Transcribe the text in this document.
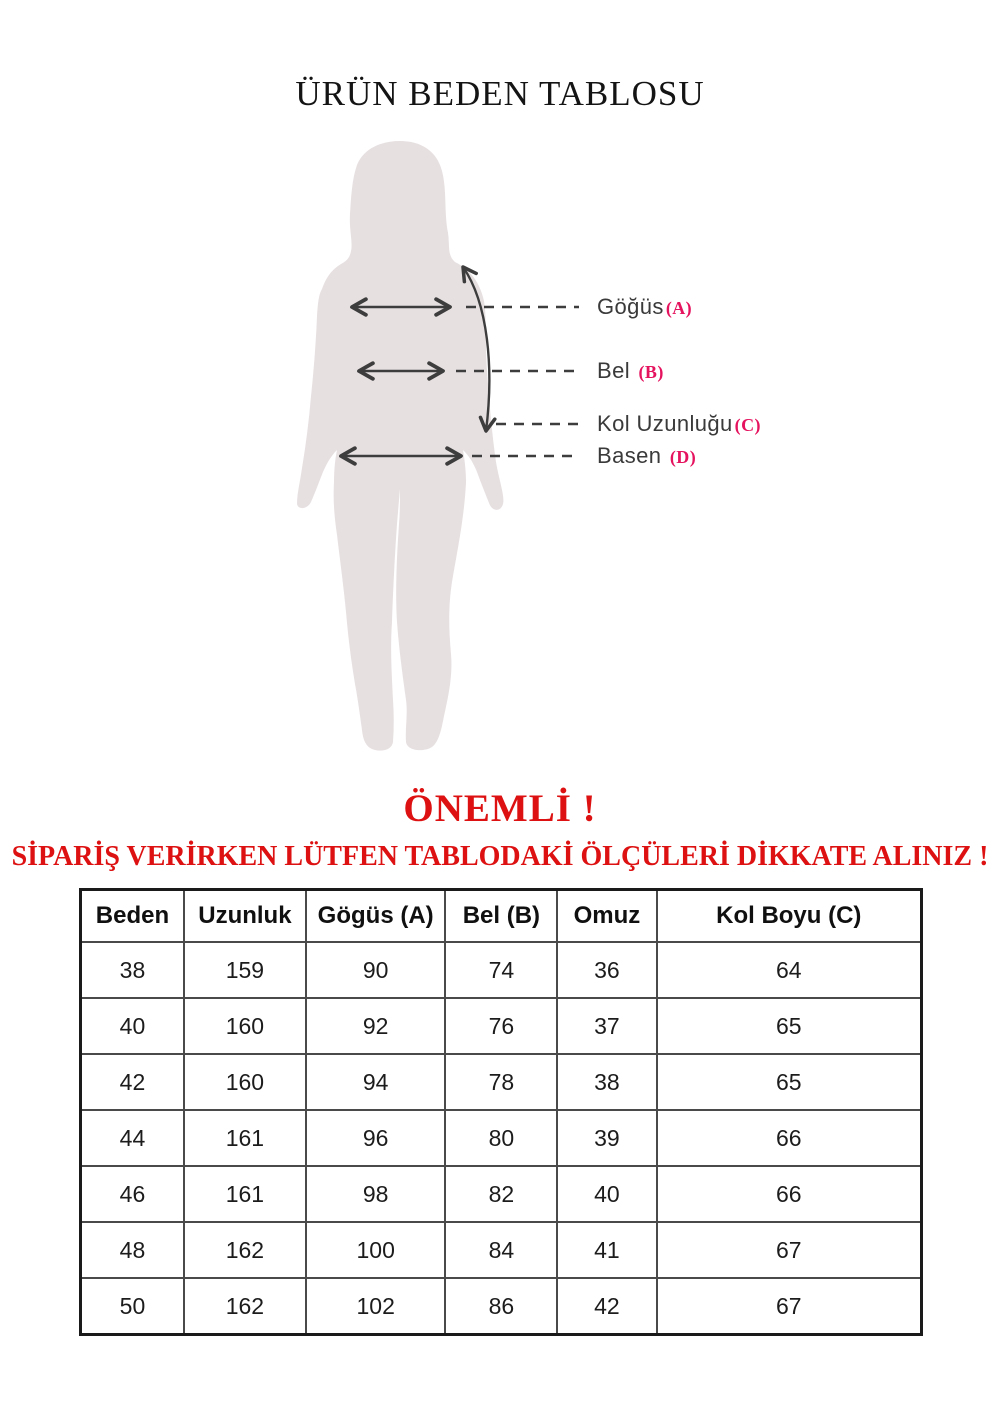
ÜRÜN BEDEN TABLOSU
Göğüs (A)
Bel (B)
Kol Uzunluğu (C)
Basen (D)

ÖNEMLİ !

SİPARİŞ VERİRKEN LÜTFEN TABLODAKİ ÖLÇÜLERİ DİKKATE ALINIZ !

Beden	Uzunluk	Gögüs (A)	Bel (B)	Omuz	Kol Boyu (C)
38	159	90	74	36	64
40	160	92	76	37	65
42	160	94	78	38	65
44	161	96	80	39	66
46	161	98	82	40	66
48	162	100	84	41	67
50	162	102	86	42	67
